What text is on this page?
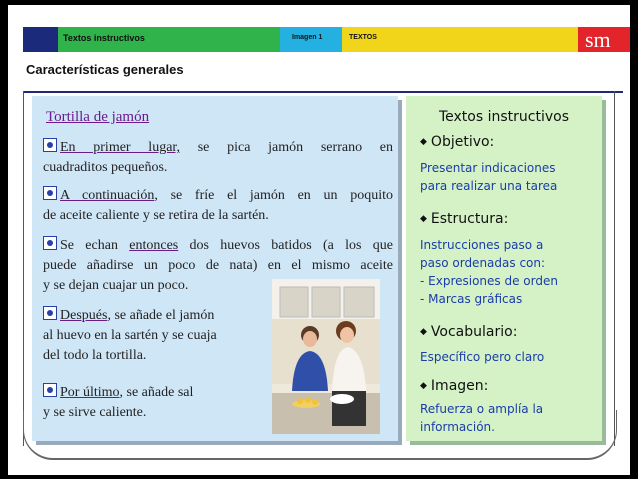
Textos instructivos	Imagen 1	TEXTOS	sm
Características generales
Tortilla de jamón
En primer lugar, se pica jamón serrano en
cuadraditos pequeños.
A continuación, se fríe el jamón en un poquito
de aceite caliente y se retira de la sartén.
Se echan entonces dos huevos batidos (a los que
puede añadirse un poco de nata) en el mismo aceite
y se dejan cuajar un poco.
Después, se añade el jamón
al huevo en la sartén y se cuaja
del todo la tortilla.
Por último, se añade sal
y se sirve caliente.
Textos instructivos
◆ Objetivo:
Presentar indicaciones
para realizar una tarea
◆ Estructura:
Instrucciones paso a
paso ordenadas con:
- Expresiones de orden
- Marcas gráficas
◆ Vocabulario:
Específico pero claro
◆ Imagen:
Refuerza o amplía la
información.
